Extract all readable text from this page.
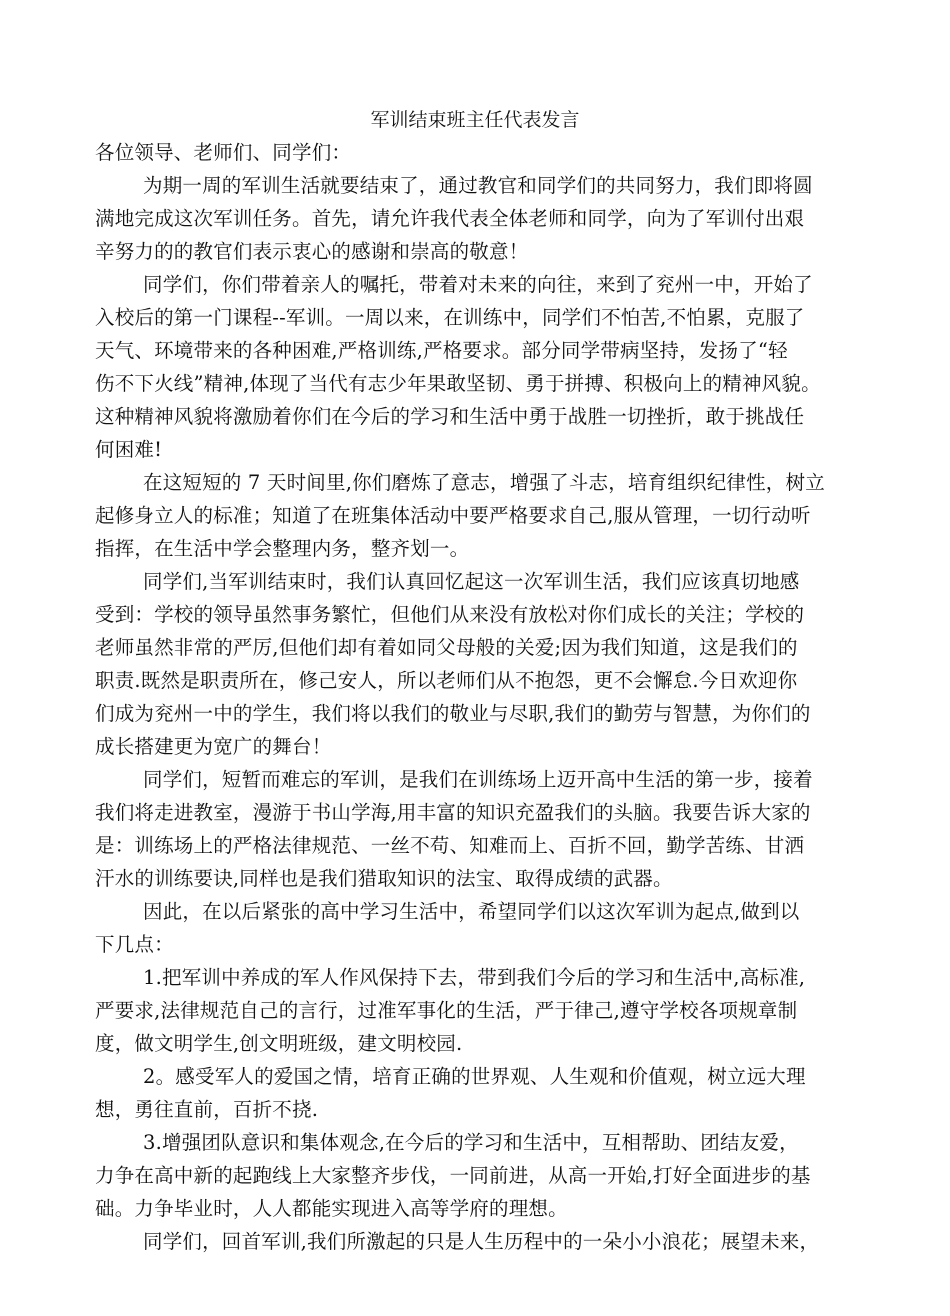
军训结束班主任代表发言
各位领导、老师们、同学们：
为期一周的军训生活就要结束了，通过教官和同学们的共同努力，我们即将圆
满地完成这次军训任务。首先，请允许我代表全体老师和同学，向为了军训付出艰
辛努力的的教官们表示衷心的感谢和崇高的敬意！
同学们，你们带着亲人的嘱托，带着对未来的向往，来到了兖州一中，开始了
入校后的第一门课程--军训。一周以来，在训练中，同学们不怕苦,不怕累，克服了
天气、环境带来的各种困难,严格训练,严格要求。部分同学带病坚持，发扬了“轻
伤不下火线”精神,体现了当代有志少年果敢坚韧、勇于拼搏、积极向上的精神风貌。
这种精神风貌将激励着你们在今后的学习和生活中勇于战胜一切挫折，敢于挑战任
何困难!
在这短短的 7 天时间里,你们磨炼了意志，增强了斗志，培育组织纪律性，树立
起修身立人的标准；知道了在班集体活动中要严格要求自己,服从管理，一切行动听
指挥，在生活中学会整理内务，整齐划一。
同学们,当军训结束时，我们认真回忆起这一次军训生活，我们应该真切地感
受到：学校的领导虽然事务繁忙，但他们从来没有放松对你们成长的关注；学校的
老师虽然非常的严厉,但他们却有着如同父母般的关爱;因为我们知道，这是我们的
职责.既然是职责所在，修己安人，所以老师们从不抱怨，更不会懈怠.今日欢迎你
们成为兖州一中的学生，我们将以我们的敬业与尽职,我们的勤劳与智慧，为你们的
成长搭建更为宽广的舞台！
同学们，短暂而难忘的军训，是我们在训练场上迈开高中生活的第一步，接着
我们将走进教室，漫游于书山学海,用丰富的知识充盈我们的头脑。我要告诉大家的
是：训练场上的严格法律规范、一丝不苟、知难而上、百折不回，勤学苦练、甘洒
汗水的训练要诀,同样也是我们猎取知识的法宝、取得成绩的武器。
因此，在以后紧张的高中学习生活中，希望同学们以这次军训为起点,做到以
下几点：
1.把军训中养成的军人作风保持下去，带到我们今后的学习和生活中,高标准,
严要求,法律规范自己的言行，过准军事化的生活，严于律己,遵守学校各项规章制
度，做文明学生,创文明班级，建文明校园.
2。感受军人的爱国之情，培育正确的世界观、人生观和价值观，树立远大理
想，勇往直前，百折不挠.
3.增强团队意识和集体观念,在今后的学习和生活中，互相帮助、团结友爱，
力争在高中新的起跑线上大家整齐步伐，一同前进，从高一开始,打好全面进步的基
础。力争毕业时，人人都能实现进入高等学府的理想。
同学们，回首军训,我们所激起的只是人生历程中的一朵小小浪花；展望未来，
